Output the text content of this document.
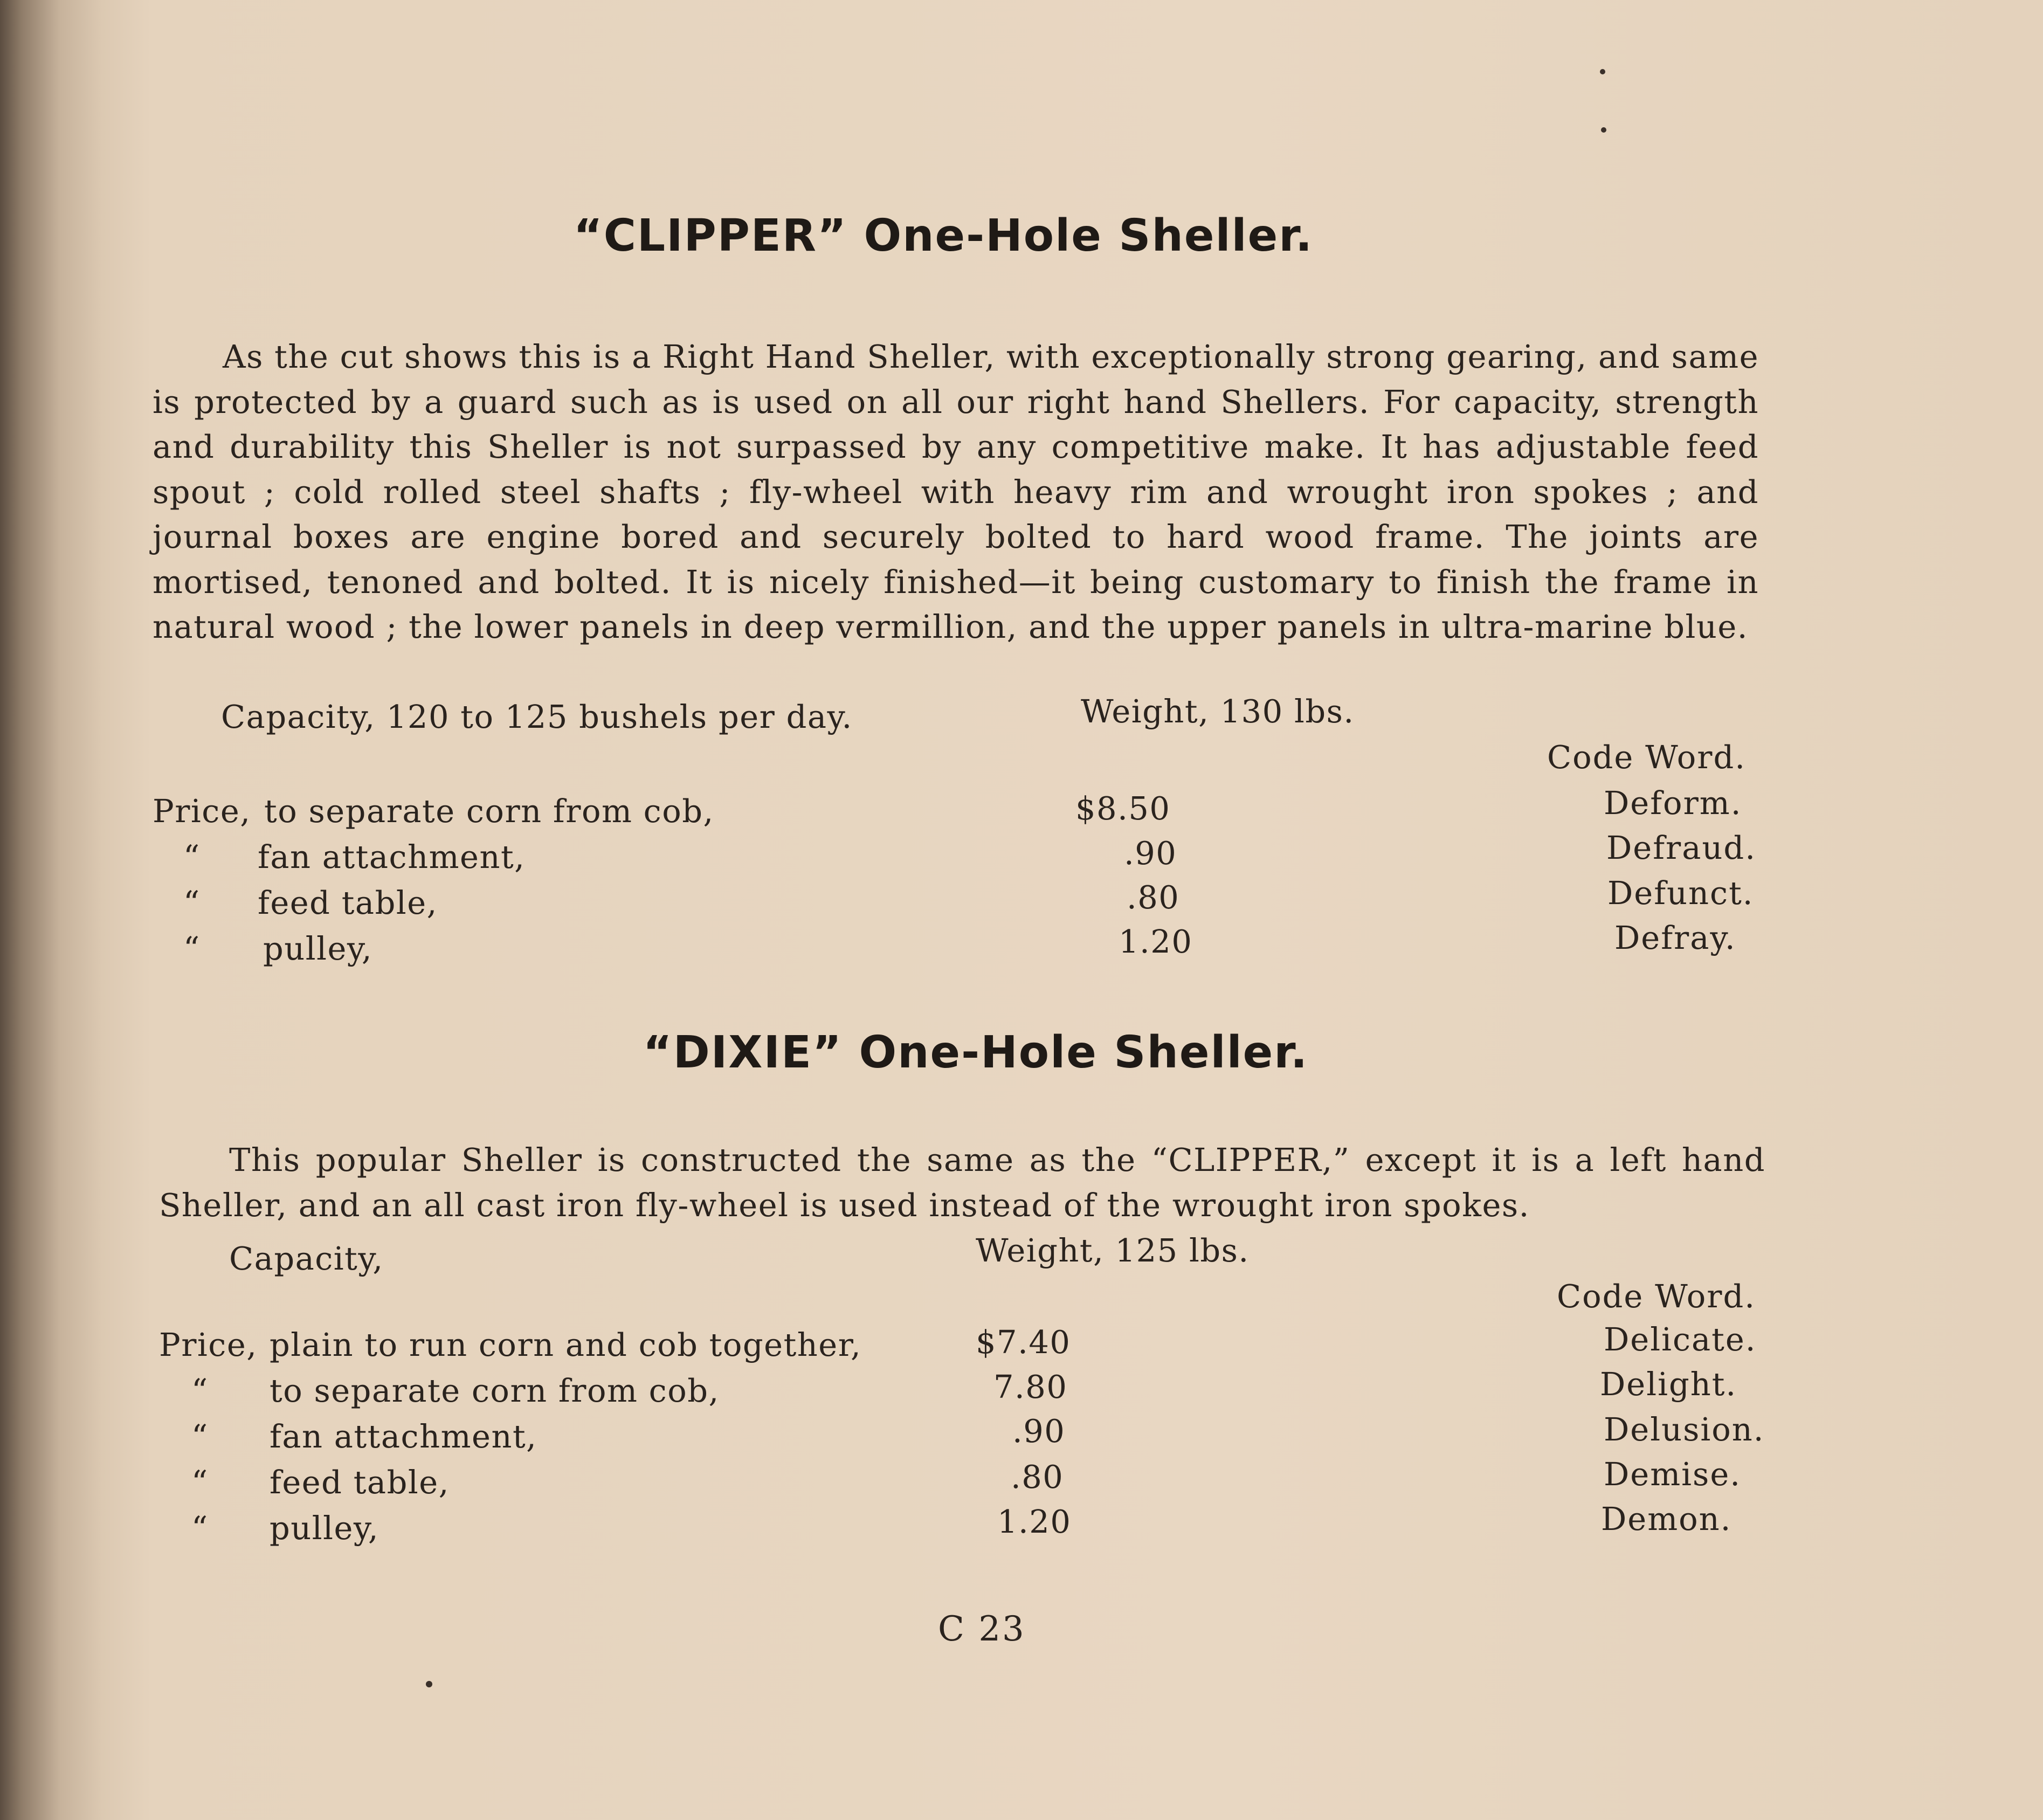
“CLIPPER” One-Hole Sheller.

As the cut shows this is a Right Hand Sheller, with exceptionally strong gearing, and same is protected by a guard such as is used on all our right hand Shellers. For capacity, strength and durability this Sheller is not surpassed by any competitive make. It has adjustable feed spout ; cold rolled steel shafts ; fly-wheel with heavy rim and wrought iron spokes ; and journal boxes are engine bored and securely bolted to hard wood frame. The joints are mortised, tenoned and bolted. It is nicely finished—it being customary to finish the frame in natural wood ; the lower panels in deep vermillion, and the upper panels in ultra-marine blue.

Capacity, 120 to 125 bushels per day.	Weight, 130 lbs.
Code Word.
Price, to separate corn from cob,	$8.50	Deform.
“ fan attachment,	.90	Defraud.
“ feed table,	.80	Defunct.
“ pulley,	1.20	Defray.
“DIXIE” One-Hole Sheller.

This popular Sheller is constructed the same as the “CLIPPER,” except it is a left hand Sheller, and an all cast iron fly-wheel is used instead of the wrought iron spokes.

Capacity,	Weight, 125 lbs.
Code Word.
Price, plain to run corn and cob together,	$7.40	Delicate.
“ to separate corn from cob,	7.80	Delight.
“ fan attachment,	.90	Delusion.
“ feed table,	.80	Demise.
“ pulley,	1.20	Demon.
C 23
